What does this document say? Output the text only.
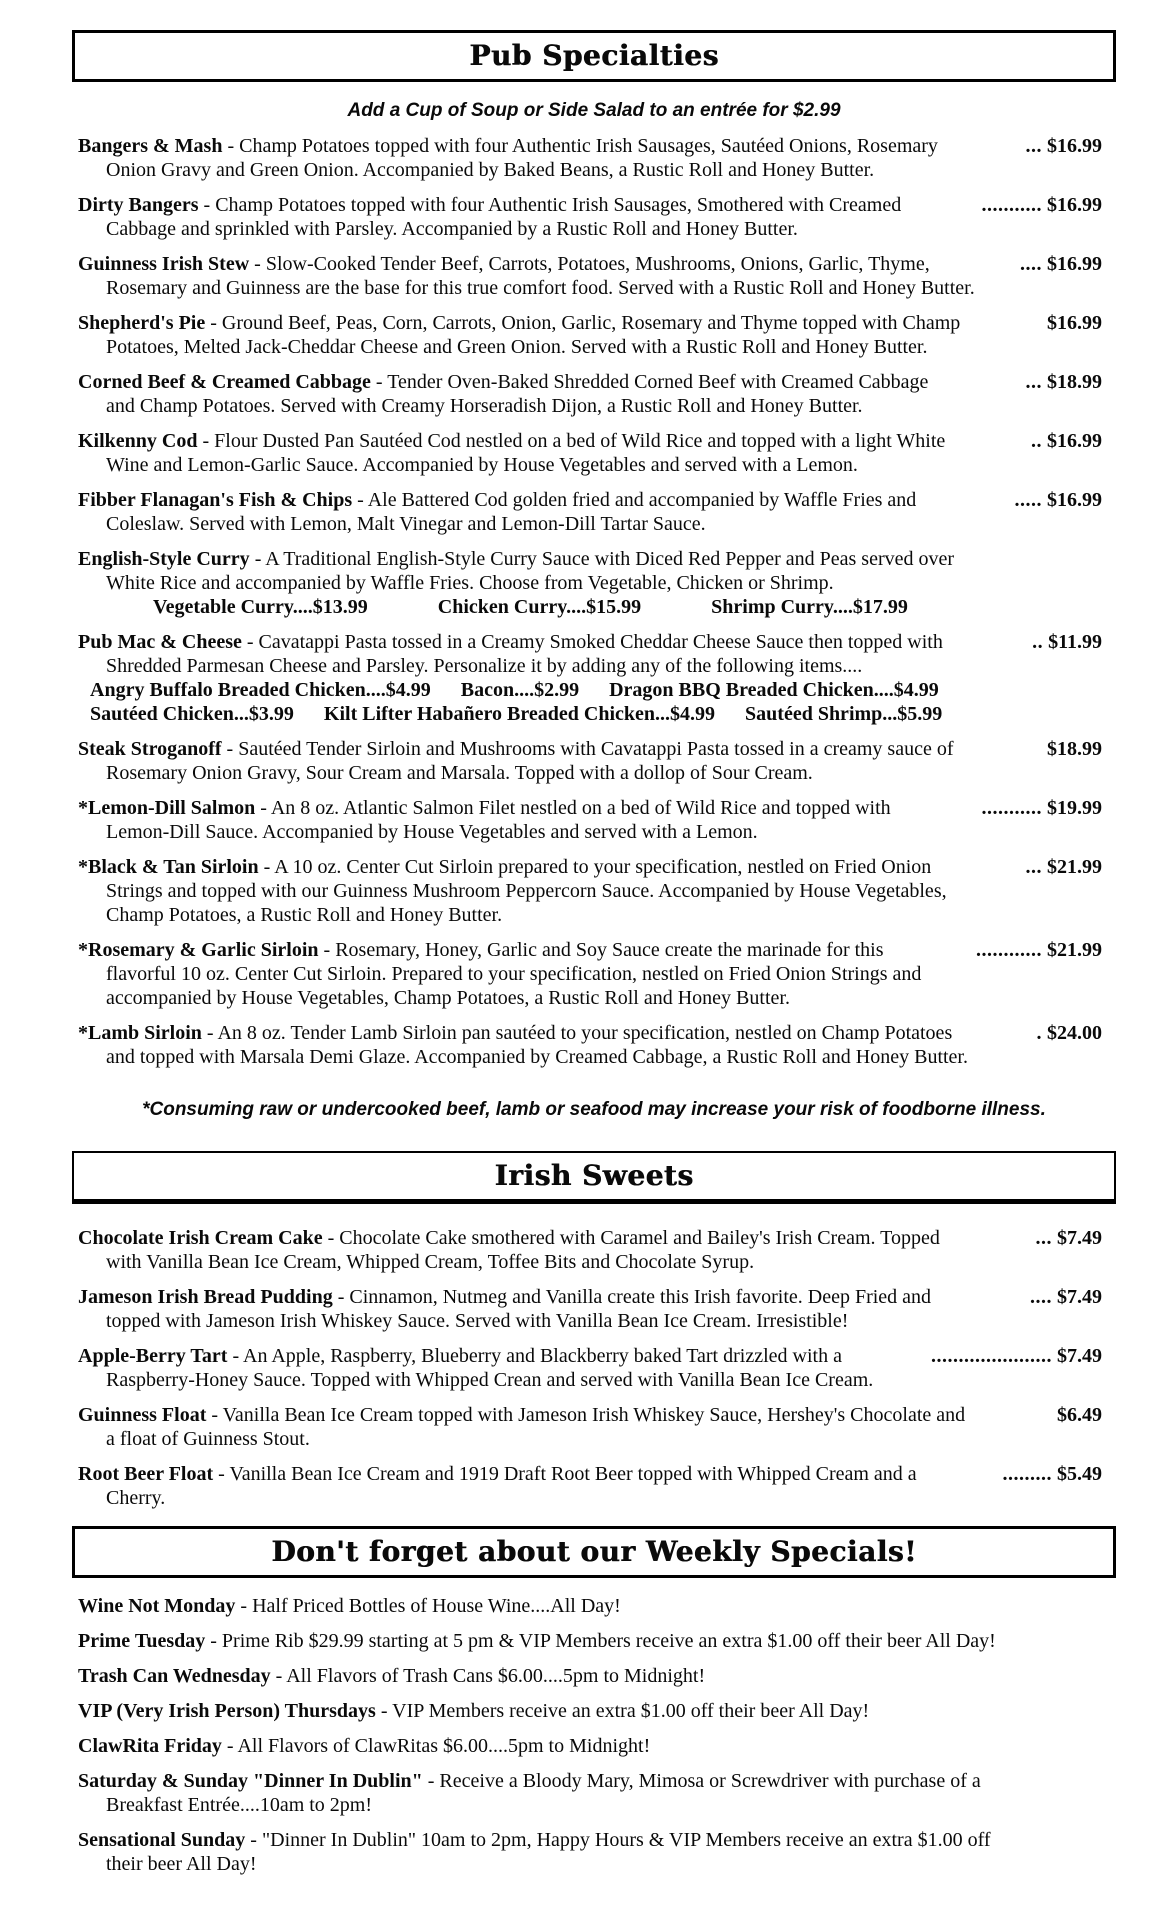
Pub Specialties
Add a Cup of Soup or Side Salad to an entrée for $2.99
Bangers & Mash - Champ Potatoes topped with four Authentic Irish Sausages, Sautéed Onions, Rosemary	... $16.99
Onion Gravy and Green Onion. Accompanied by Baked Beans, a Rustic Roll and Honey Butter.
Dirty Bangers - Champ Potatoes topped with four Authentic Irish Sausages, Smothered with Creamed	........... $16.99
Cabbage and sprinkled with Parsley. Accompanied by a Rustic Roll and Honey Butter.
Guinness Irish Stew - Slow-Cooked Tender Beef, Carrots, Potatoes, Mushrooms, Onions, Garlic, Thyme,	.... $16.99
Rosemary and Guinness are the base for this true comfort food. Served with a Rustic Roll and Honey Butter.
Shepherd's Pie - Ground Beef, Peas, Corn, Carrots, Onion, Garlic, Rosemary and Thyme topped with Champ	$16.99
Potatoes, Melted Jack-Cheddar Cheese and Green Onion. Served with a Rustic Roll and Honey Butter.
Corned Beef & Creamed Cabbage - Tender Oven-Baked Shredded Corned Beef with Creamed Cabbage	... $18.99
and Champ Potatoes. Served with Creamy Horseradish Dijon, a Rustic Roll and Honey Butter.
Kilkenny Cod - Flour Dusted Pan Sautéed Cod nestled on a bed of Wild Rice and topped with a light White	.. $16.99
Wine and Lemon-Garlic Sauce. Accompanied by House Vegetables and served with a Lemon.
Fibber Flanagan's Fish & Chips - Ale Battered Cod golden fried and accompanied by Waffle Fries and	..... $16.99
Coleslaw. Served with Lemon, Malt Vinegar and Lemon-Dill Tartar Sauce.
English-Style Curry - A Traditional English-Style Curry Sauce with Diced Red Pepper and Peas served over
White Rice and accompanied by Waffle Fries. Choose from Vegetable, Chicken or Shrimp.
Vegetable Curry....$13.99	Chicken Curry....$15.99	Shrimp Curry....$17.99
Pub Mac & Cheese - Cavatappi Pasta tossed in a Creamy Smoked Cheddar Cheese Sauce then topped with	.. $11.99
Shredded Parmesan Cheese and Parsley. Personalize it by adding any of the following items....
Angry Buffalo Breaded Chicken....$4.99 Bacon....$2.99 Dragon BBQ Breaded Chicken....$4.99
Sautéed Chicken...$3.99 Kilt Lifter Habañero Breaded Chicken...$4.99 Sautéed Shrimp...$5.99
Steak Stroganoff - Sautéed Tender Sirloin and Mushrooms with Cavatappi Pasta tossed in a creamy sauce of	$18.99
Rosemary Onion Gravy, Sour Cream and Marsala. Topped with a dollop of Sour Cream.
*Lemon-Dill Salmon - An 8 oz. Atlantic Salmon Filet nestled on a bed of Wild Rice and topped with	........... $19.99
Lemon-Dill Sauce. Accompanied by House Vegetables and served with a Lemon.
*Black & Tan Sirloin - A 10 oz. Center Cut Sirloin prepared to your specification, nestled on Fried Onion	... $21.99
Strings and topped with our Guinness Mushroom Peppercorn Sauce. Accompanied by House Vegetables,
Champ Potatoes, a Rustic Roll and Honey Butter.
*Rosemary & Garlic Sirloin - Rosemary, Honey, Garlic and Soy Sauce create the marinade for this	............ $21.99
flavorful 10 oz. Center Cut Sirloin. Prepared to your specification, nestled on Fried Onion Strings and
accompanied by House Vegetables, Champ Potatoes, a Rustic Roll and Honey Butter.
*Lamb Sirloin - An 8 oz. Tender Lamb Sirloin pan sautéed to your specification, nestled on Champ Potatoes	. $24.00
and topped with Marsala Demi Glaze. Accompanied by Creamed Cabbage, a Rustic Roll and Honey Butter.
*Consuming raw or undercooked beef, lamb or seafood may increase your risk of foodborne illness.
Irish Sweets
Chocolate Irish Cream Cake - Chocolate Cake smothered with Caramel and Bailey's Irish Cream. Topped	... $7.49
with Vanilla Bean Ice Cream, Whipped Cream, Toffee Bits and Chocolate Syrup.
Jameson Irish Bread Pudding - Cinnamon, Nutmeg and Vanilla create this Irish favorite. Deep Fried and	.... $7.49
topped with Jameson Irish Whiskey Sauce. Served with Vanilla Bean Ice Cream. Irresistible!
Apple-Berry Tart - An Apple, Raspberry, Blueberry and Blackberry baked Tart drizzled with a	...................... $7.49
Raspberry-Honey Sauce. Topped with Whipped Crean and served with Vanilla Bean Ice Cream.
Guinness Float - Vanilla Bean Ice Cream topped with Jameson Irish Whiskey Sauce, Hershey's Chocolate and	$6.49
a float of Guinness Stout.
Root Beer Float - Vanilla Bean Ice Cream and 1919 Draft Root Beer topped with Whipped Cream and a	......... $5.49
Cherry.
Don't forget about our Weekly Specials!
Wine Not Monday - Half Priced Bottles of House Wine....All Day!
Prime Tuesday - Prime Rib $29.99 starting at 5 pm & VIP Members receive an extra $1.00 off their beer All Day!
Trash Can Wednesday - All Flavors of Trash Cans $6.00....5pm to Midnight!
VIP (Very Irish Person) Thursdays - VIP Members receive an extra $1.00 off their beer All Day!
ClawRita Friday - All Flavors of ClawRitas $6.00....5pm to Midnight!
Saturday & Sunday "Dinner In Dublin" - Receive a Bloody Mary, Mimosa or Screwdriver with purchase of a
Breakfast Entrée....10am to 2pm!
Sensational Sunday - "Dinner In Dublin" 10am to 2pm, Happy Hours & VIP Members receive an extra $1.00 off
their beer All Day!
